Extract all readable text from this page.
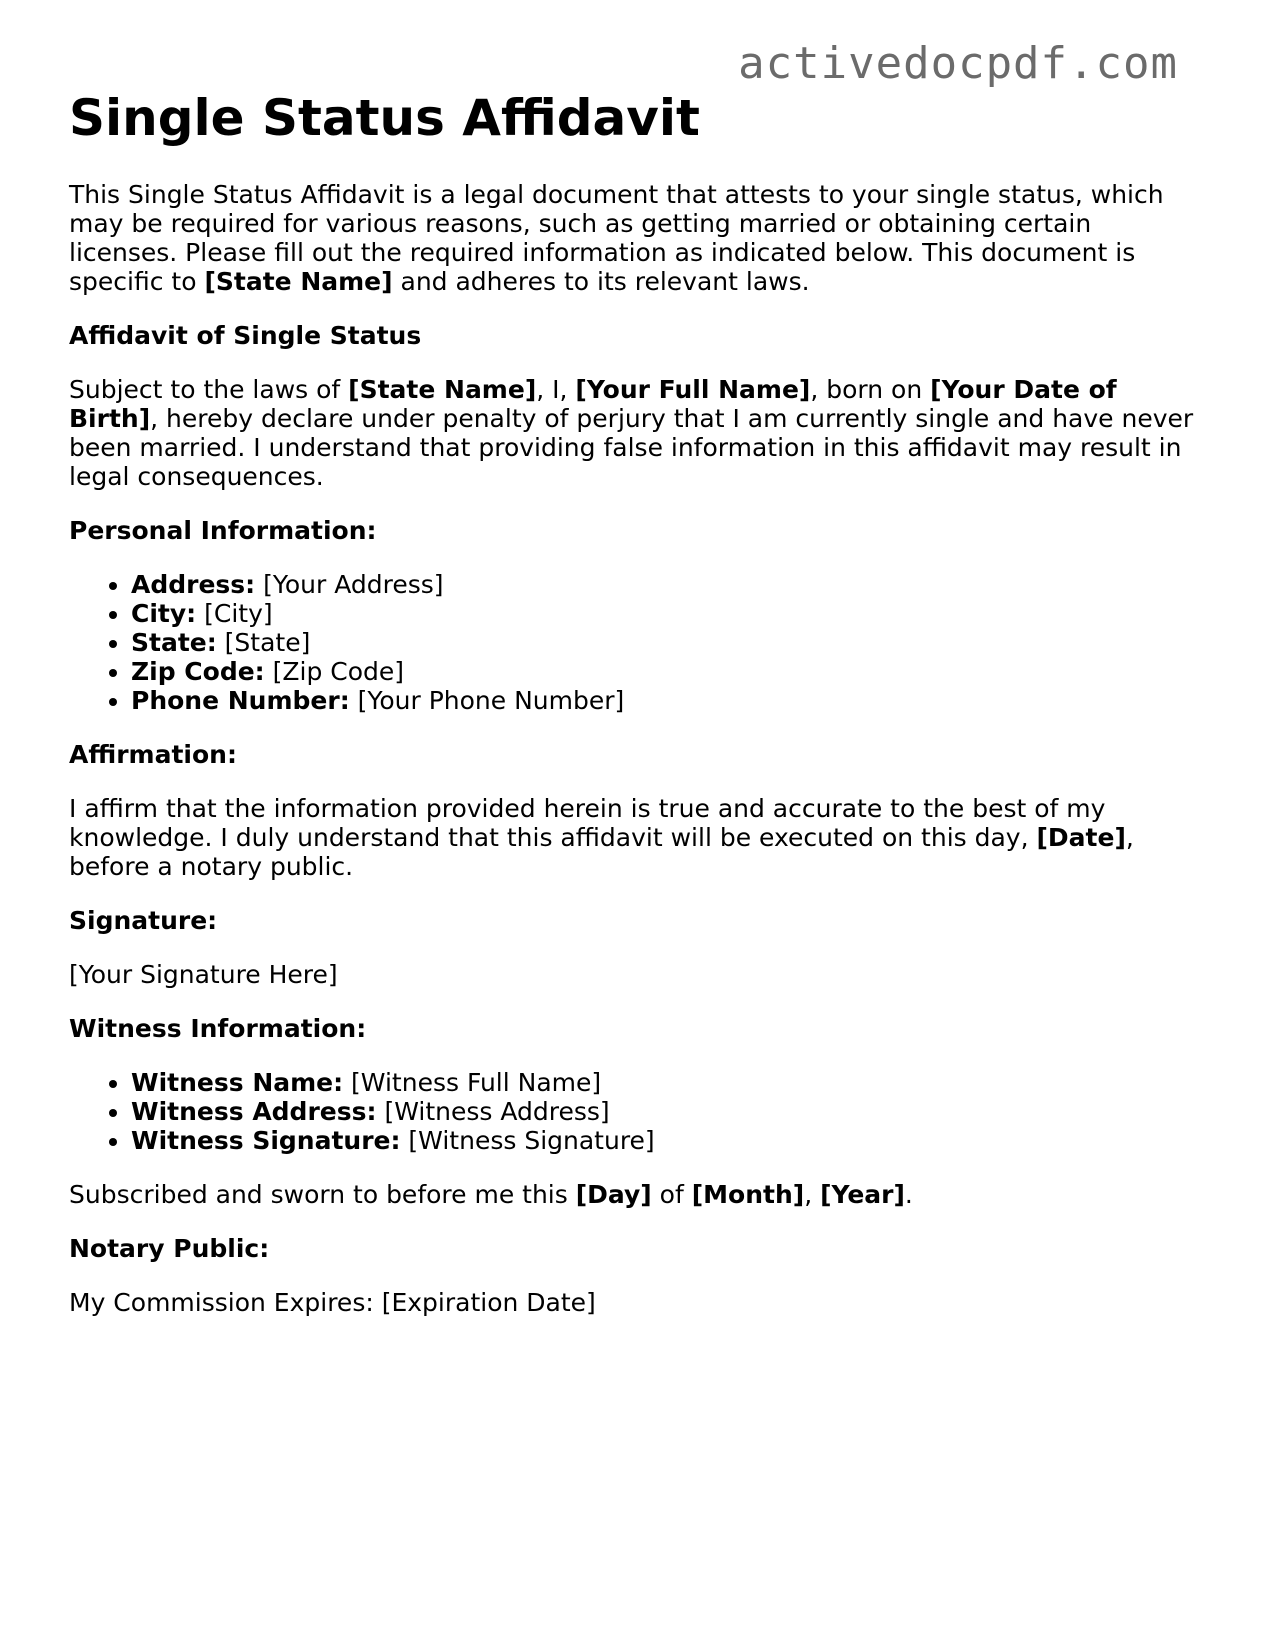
activedocpdf.com
Single Status Affidavit

This Single Status Affidavit is a legal document that attests to your single status, which may be required for various reasons, such as getting married or obtaining certain licenses. Please fill out the required information as indicated below. This document is specific to [State Name] and adheres to its relevant laws.

Affidavit of Single Status

Subject to the laws of [State Name], I, [Your Full Name], born on [Your Date of Birth], hereby declare under penalty of perjury that I am currently single and have never been married. I understand that providing false information in this affidavit may result in legal consequences.

Personal Information:
• Address: [Your Address]
• City: [City]
• State: [State]
• Zip Code: [Zip Code]
• Phone Number: [Your Phone Number]
Affirmation:

I affirm that the information provided herein is true and accurate to the best of my knowledge. I duly understand that this affidavit will be executed on this day, [Date], before a notary public.

Signature:

[Your Signature Here]

Witness Information:
• Witness Name: [Witness Full Name]
• Witness Address: [Witness Address]
• Witness Signature: [Witness Signature]

Subscribed and sworn to before me this [Day] of [Month], [Year].

Notary Public:

My Commission Expires: [Expiration Date]
